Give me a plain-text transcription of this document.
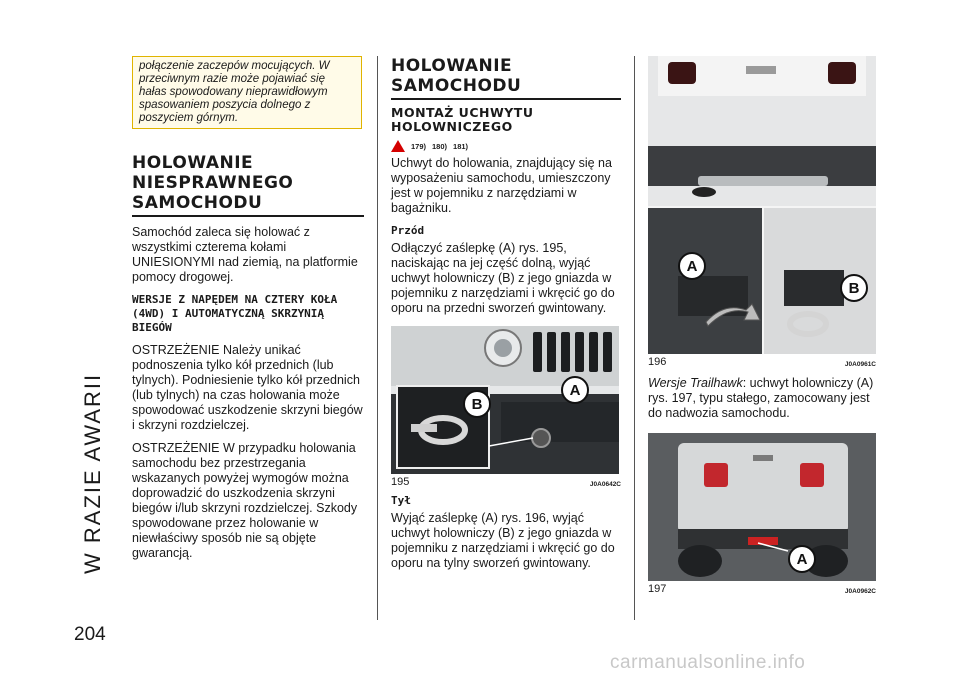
W RAZIE AWARII
204
połączenie zaczepów mocujących. W przeciwnym razie może pojawiać się hałas spowodowany nieprawidłowym spasowaniem poszycia dolnego z poszyciem górnym.
HOLOWANIE NIESPRAWNEGO SAMOCHODU

Samochód zaleca się holować z wszystkimi czterema kołami UNIESIONYMI nad ziemią, na platformie pomocy drogowej.

WERSJE Z NAPĘDEM NA CZTERY KOŁA (4WD) I AUTOMATYCZNĄ SKRZYNIĄ BIEGÓW

OSTRZEŻENIE Należy unikać podnoszenia tylko kół przednich (lub tylnych). Podniesienie tylko kół przednich (lub tylnych) na czas holowania może spowodować uszkodzenie skrzyni biegów i skrzyni rozdzielczej.

OSTRZEŻENIE W przypadku holowania samochodu bez przestrzegania wskazanych powyżej wymogów można doprowadzić do uszkodzenia skrzyni biegów i/lub skrzyni rozdzielczej. Szkody spowodowane przez holowanie w niewłaściwy sposób nie są objęte gwarancją.

HOLOWANIE SAMOCHODU
MONTAŻ UCHWYTU HOLOWNICZEGO
179) 180) 181)

Uchwyt do holowania, znajdujący się na wyposażeniu samochodu, umieszczony jest w pojemniku z narzędziami w bagażniku.

Przód

Odłączyć zaślepkę (A) rys. 195, naciskając na jej część dolną, wyjąć uchwyt holowniczy (B) z jego gniazda w pojemniku z narzędziami i wkręcić go do oporu na przedni sworzeń gwintowany.

B
A
195	J0A0642C
Tył

Wyjąć zaślepkę (A) rys. 196, wyjąć uchwyt holowniczy (B) z jego gniazda w pojemniku z narzędziami i wkręcić go do oporu na tylny sworzeń gwintowany.

A
B
196	J0A0961C

Wersje Trailhawk: uchwyt holowniczy (A) rys. 197, typu stałego, zamocowany jest do nadwozia samochodu.

A
197	J0A0962C
carmanualsonline.info
